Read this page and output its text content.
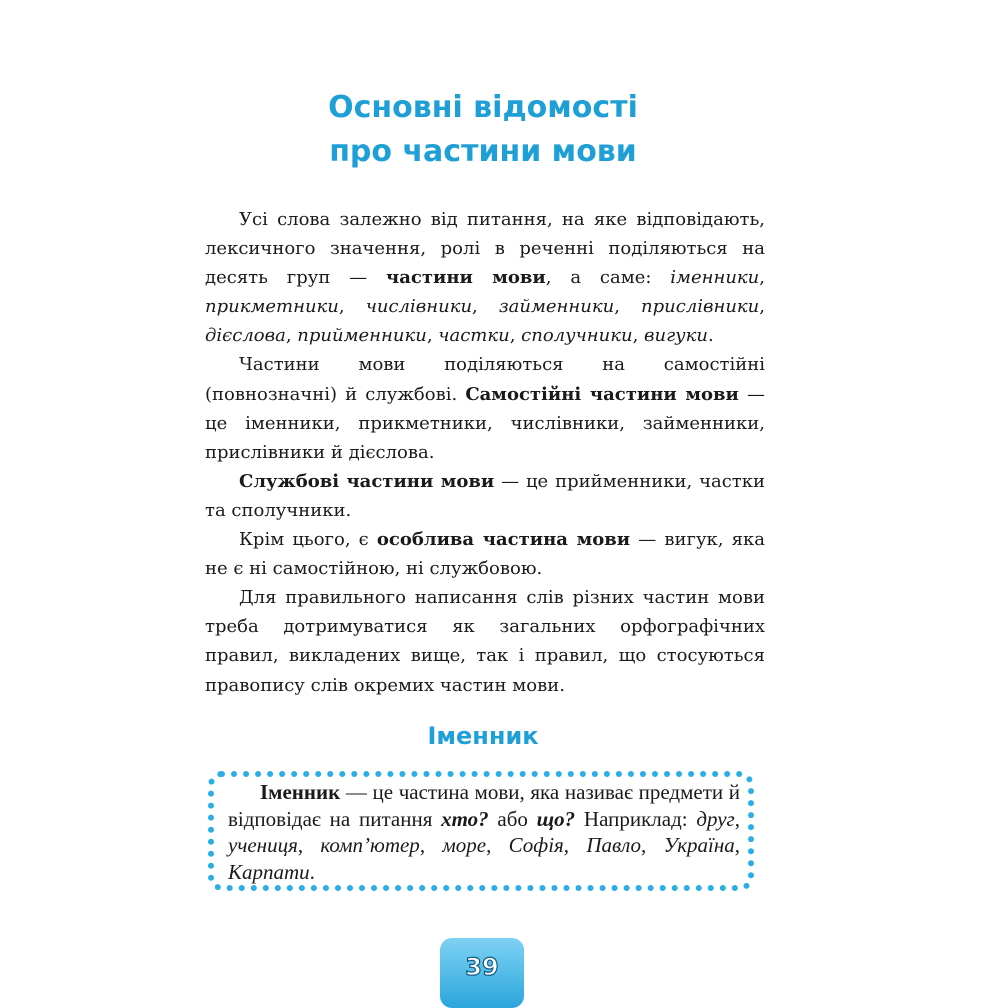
Основні відомості
про частини мови

Усі слова залежно від питання, на яке відповідають, лексичного значення, ролі в реченні поділяються на десять груп — частини мови, а саме: іменники, прикметники, числівники, займенники, прислівники, дієслова, прийменники, частки, сполучники, вигуки.

Частини мови поділяються на самостійні (повнозначні) й службові. Самостійні частини мови — це іменники, прикметники, числівники, займенники, прислівники й дієслова.

Службові частини мови — це прийменники, частки та сполучники.

Крім цього, є особлива частина мови — вигук, яка не є ні самостійною, ні службовою.

Для правильного написання слів різних частин мови треба дотримуватися як загальних орфографічних правил, викладених вище, так і правил, що стосуються правопису слів окремих частин мови.

Іменник

Іменник — це частина мови, яка називає предмети й відповідає на питання хто? або що? Наприклад: друг, учениця, комп’ютер, море, Софія, Павло, Україна, Карпати.

39
